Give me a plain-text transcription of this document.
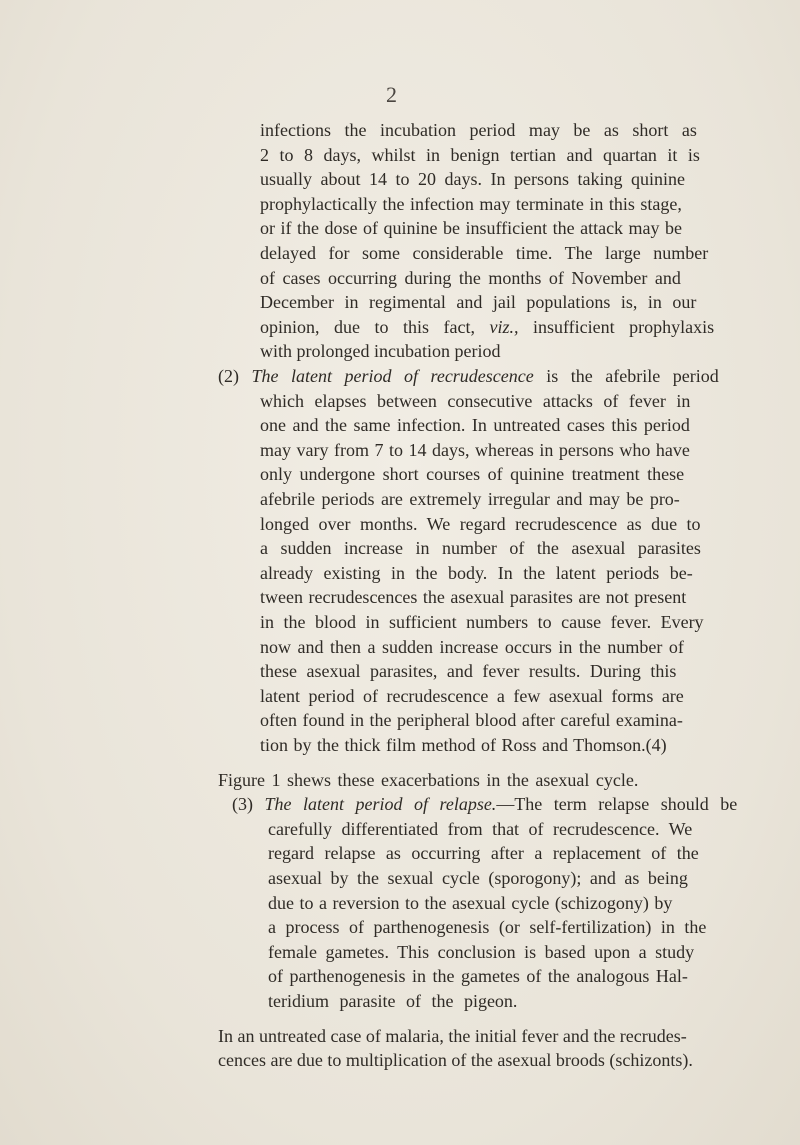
2
infections the incubation period may be as short as
2 to 8 days, whilst in benign tertian and quartan it is
usually about 14 to 20 days. In persons taking quinine
prophylactically the infection may terminate in this stage,
or if the dose of quinine be insufficient the attack may be
delayed for some considerable time. The large number
of cases occurring during the months of November and
December in regimental and jail populations is, in our
opinion, due to this fact, viz., insufficient prophylaxis
with prolonged incubation period
(2) The latent period of recrudescence is the afebrile period
which elapses between consecutive attacks of fever in
one and the same infection. In untreated cases this period
may vary from 7 to 14 days, whereas in persons who have
only undergone short courses of quinine treatment these
afebrile periods are extremely irregular and may be pro-
longed over months. We regard recrudescence as due to
a sudden increase in number of the asexual parasites
already existing in the body. In the latent periods be-
tween recrudescences the asexual parasites are not present
in the blood in sufficient numbers to cause fever. Every
now and then a sudden increase occurs in the number of
these asexual parasites, and fever results. During this
latent period of recrudescence a few asexual forms are
often found in the peripheral blood after careful examina-
tion by the thick film method of Ross and Thomson.(4)
Figure 1 shews these exacerbations in the asexual cycle.
(3) The latent period of relapse.—The term relapse should be
carefully differentiated from that of recrudescence. We
regard relapse as occurring after a replacement of the
asexual by the sexual cycle (sporogony); and as being
due to a reversion to the asexual cycle (schizogony) by
a process of parthenogenesis (or self-fertilization) in the
female gametes. This conclusion is based upon a study
of parthenogenesis in the gametes of the analogous Hal-
teridium parasite of the pigeon.
In an untreated case of malaria, the initial fever and the recrudes-
cences are due to multiplication of the asexual broods (schizonts).
